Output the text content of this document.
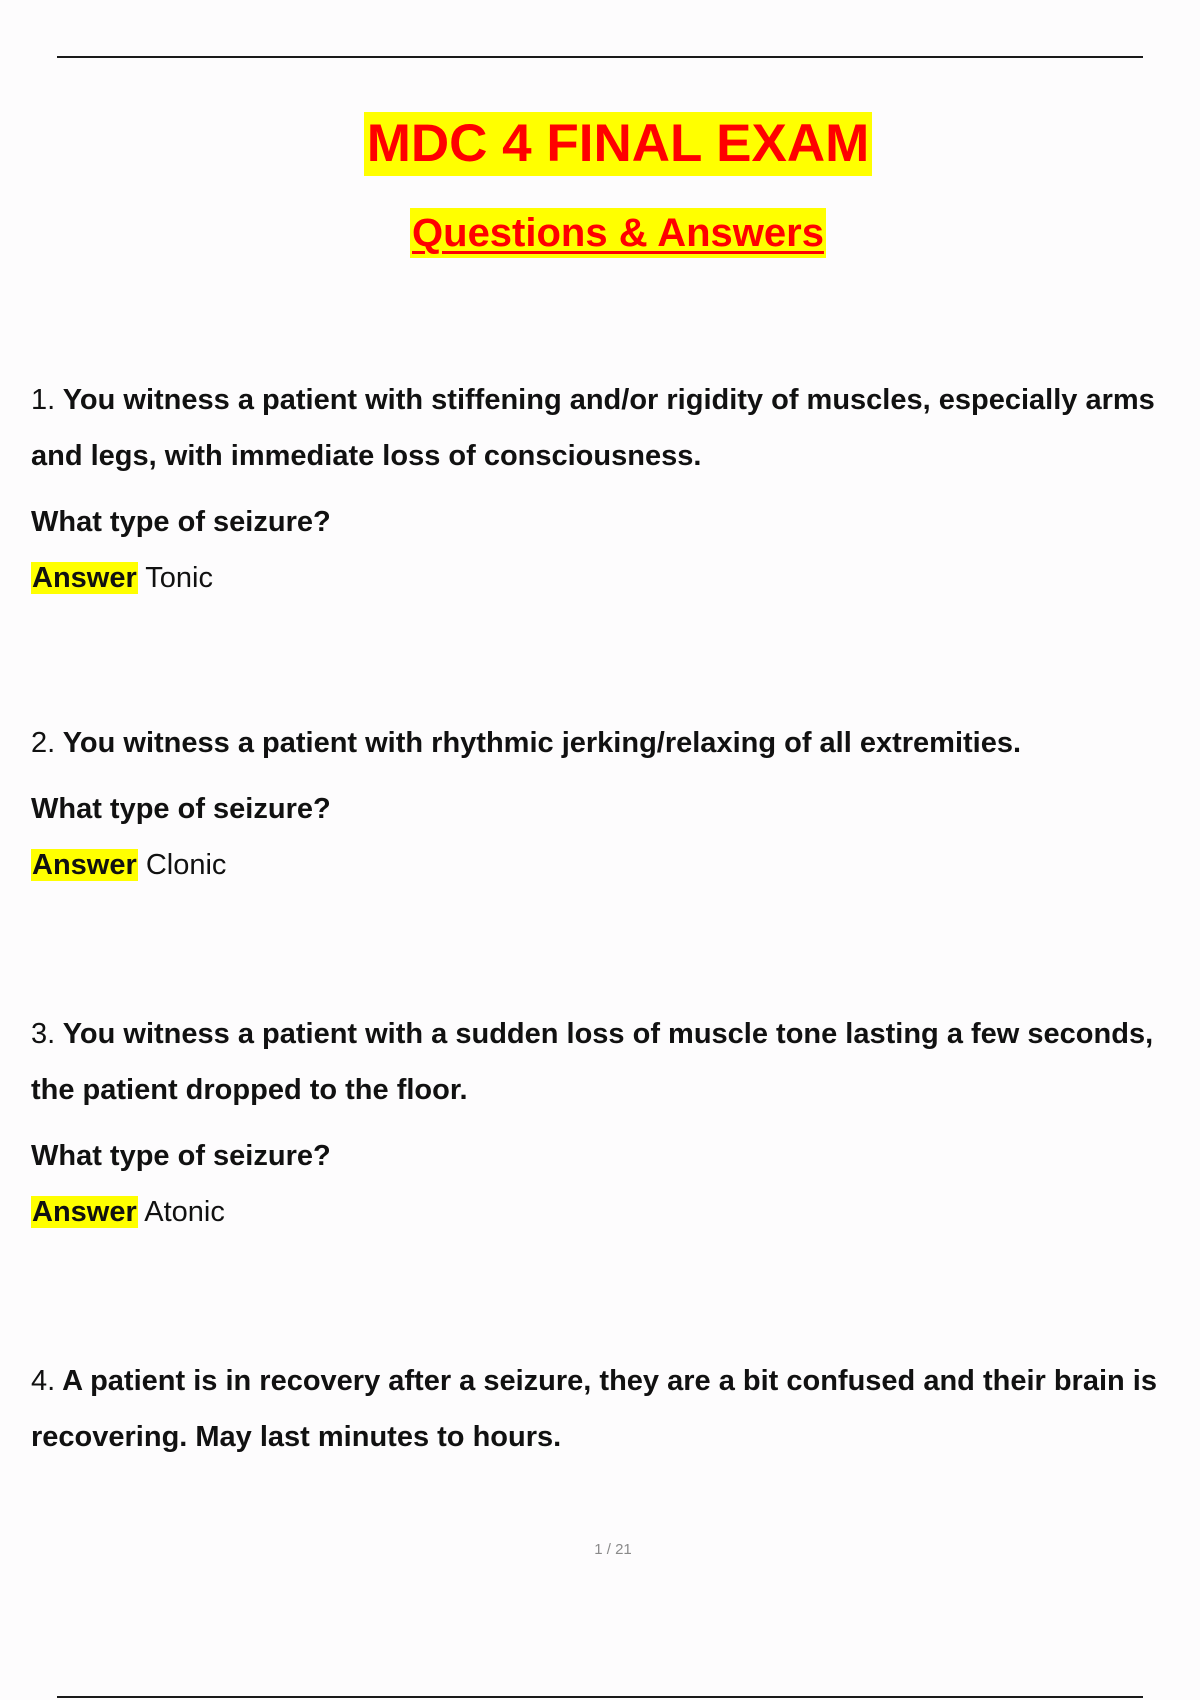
MDC 4 FINAL EXAM
Questions & Answers

1. You witness a patient with stiffening and/or rigidity of muscles, especially arms and legs, with immediate loss of consciousness.

What type of seizure?

Answer Tonic

2. You witness a patient with rhythmic jerking/relaxing of all extremities.

What type of seizure?

Answer Clonic

3. You witness a patient with a sudden loss of muscle tone lasting a few seconds, the patient dropped to the floor.

What type of seizure?

Answer Atonic

4. A patient is in recovery after a seizure, they are a bit confused and their brain is recovering. May last minutes to hours.

1 / 21
